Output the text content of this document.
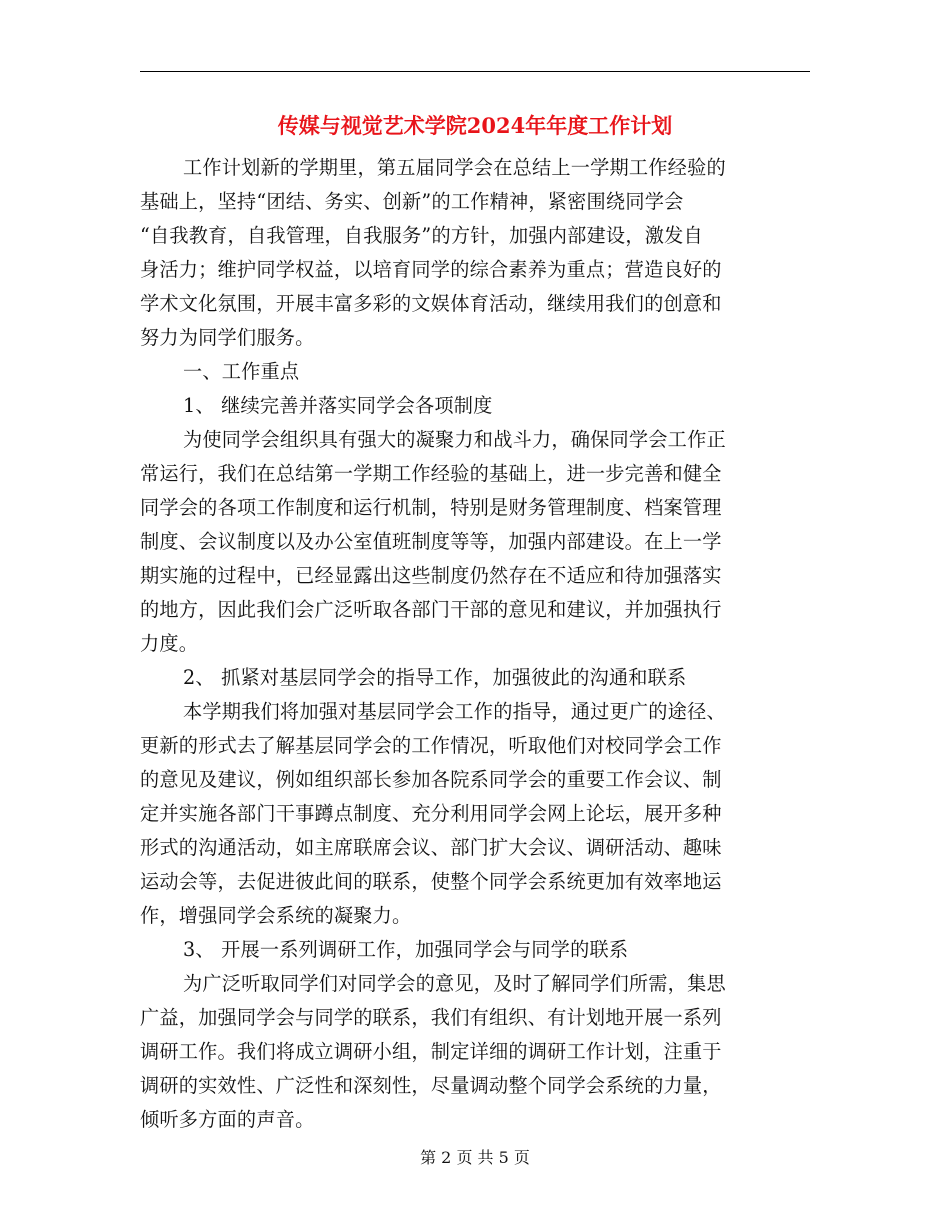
传媒与视觉艺术学院2024年年度工作计划
工作计划新的学期里，第五届同学会在总结上一学期工作经验的
基础上，坚持“团结、务实、创新”的工作精神，紧密围绕同学会
“自我教育，自我管理，自我服务”的方针，加强内部建设，激发自
身活力；维护同学权益，以培育同学的综合素养为重点；营造良好的
学术文化氛围，开展丰富多彩的文娱体育活动，继续用我们的创意和
努力为同学们服务。
一、工作重点
1、 继续完善并落实同学会各项制度
为使同学会组织具有强大的凝聚力和战斗力，确保同学会工作正
常运行，我们在总结第一学期工作经验的基础上，进一步完善和健全
同学会的各项工作制度和运行机制，特别是财务管理制度、档案管理
制度、会议制度以及办公室值班制度等等，加强内部建设。在上一学
期实施的过程中，已经显露出这些制度仍然存在不适应和待加强落实
的地方，因此我们会广泛听取各部门干部的意见和建议，并加强执行
力度。
2、 抓紧对基层同学会的指导工作，加强彼此的沟通和联系
本学期我们将加强对基层同学会工作的指导，通过更广的途径、
更新的形式去了解基层同学会的工作情况，听取他们对校同学会工作
的意见及建议，例如组织部长参加各院系同学会的重要工作会议、制
定并实施各部门干事蹲点制度、充分利用同学会网上论坛，展开多种
形式的沟通活动，如主席联席会议、部门扩大会议、调研活动、趣味
运动会等，去促进彼此间的联系，使整个同学会系统更加有效率地运
作，增强同学会系统的凝聚力。
3、 开展一系列调研工作，加强同学会与同学的联系
为广泛听取同学们对同学会的意见，及时了解同学们所需，集思
广益，加强同学会与同学的联系，我们有组织、有计划地开展一系列
调研工作。我们将成立调研小组，制定详细的调研工作计划，注重于
调研的实效性、广泛性和深刻性，尽量调动整个同学会系统的力量，
倾听多方面的声音。
第 2 页 共 5 页
